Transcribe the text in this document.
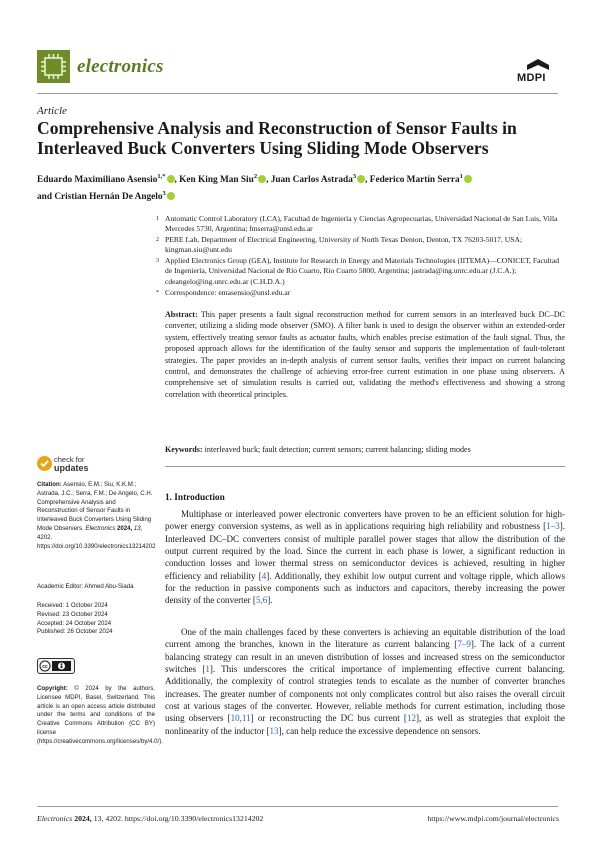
electronics
MDPI
Article
Comprehensive Analysis and Reconstruction of Sensor Faults in Interleaved Buck Converters Using Sliding Mode Observers
Eduardo Maximiliano Asensio$^{1,*}$ , Ken King Man Siu$^2$ , Juan Carlos Astrada$^3$ , Federico Martín Serra$^1$
and Cristian Hernán De Angelo$^3$
1 Automatic Control Laboratory (LCA), Facultad de Ingeniería y Ciencias Agropecuarias, Universidad Nacional de San Luis, Villa Mercedes 5730, Argentina; fmserra@unsl.edu.ar
2 PERE Lab, Department of Electrical Engineering, University of North Texas Denton, Denton, TX 76203-5017, USA; kingman.siu@unt.edu
3 Applied Electronics Group (GEA), Institute for Research in Energy and Materials Technologies (IITEMA)—CONICET, Facultad de Ingeniería, Universidad Nacional de Río Cuarto, Río Cuarto 5800, Argentina; jastrada@ing.unrc.edu.ar (J.C.A.); cdeangelo@ing.unrc.edu.ar (C.H.D.A.)
* Correspondence: emasensio@unsl.edu.ar
Abstract: This paper presents a fault signal reconstruction method for current sensors in an interleaved buck DC–DC converter, utilizing a sliding mode observer (SMO). A filter bank is used to design the observer within an extended-order system, effectively treating sensor faults as actuator faults, which enables precise estimation of the fault signal. Thus, the proposed approach allows for the identification of the faulty sensor and supports the implementation of fault-tolerant strategies. The paper provides an in-depth analysis of current sensor faults, verifies their impact on current balancing control, and demonstrates the challenge of achieving error-free current estimation in one phase using observers. A comprehensive set of simulation results is carried out, validating the method's effectiveness and showing a strong correlation with theoretical principles.
Keywords: interleaved buck; fault detection; current sensors; current balancing; sliding modes
check for
updates
Citation: Asensio, E.M.; Siu, K.K.M.; Astrada, J.C.; Serra, F.M.; De Angelo, C.H. Comprehensive Analysis and Reconstruction of Sensor Faults in Interleaved Buck Converters Using Sliding Mode Observers. Electronics 2024, 13, 4202. https://doi.org/10.3390/electronics13214202
Academic Editor: Ahmed Abu-Siada
Received: 1 October 2024
Revised: 23 October 2024
Accepted: 24 October 2024
Published: 26 October 2024
cc
Copyright: © 2024 by the authors. Licensee MDPI, Basel, Switzerland. This article is an open access article distributed under the terms and conditions of the Creative Commons Attribution (CC BY) license (https://creativecommons.org/licenses/by/4.0/).
1. Introduction
Multiphase or interleaved power electronic converters have proven to be an efficient solution for high-power energy conversion systems, as well as in applications requiring high reliability and robustness [1–3]. Interleaved DC–DC converters consist of multiple parallel power stages that allow the distribution of the output current required by the load. Since the current in each phase is lower, a significant reduction in conduction losses and lower thermal stress on semiconductor devices is achieved, resulting in higher efficiency and reliability [4]. Additionally, they exhibit low output current and voltage ripple, which allows for the reduction in passive components such as inductors and capacitors, thereby increasing the power density of the converter [5,6].
One of the main challenges faced by these converters is achieving an equitable distribution of the load current among the branches, known in the literature as current balancing [7–9]. The lack of a current balancing strategy can result in an uneven distribution of losses and increased stress on the semiconductor switches [1]. This underscores the critical importance of implementing effective current balancing. Additionally, the complexity of control strategies tends to escalate as the number of converter branches increases. The greater number of components not only complicates control but also raises the overall circuit cost at various stages of the converter. However, reliable methods for current estimation, including those using observers [10,11] or reconstructing the DC bus current [12], as well as strategies that exploit the nonlinearity of the inductor [13], can help reduce the excessive dependence on sensors.
Electronics 2024, 13, 4202. https://doi.org/10.3390/electronics13214202	https://www.mdpi.com/journal/electronics
